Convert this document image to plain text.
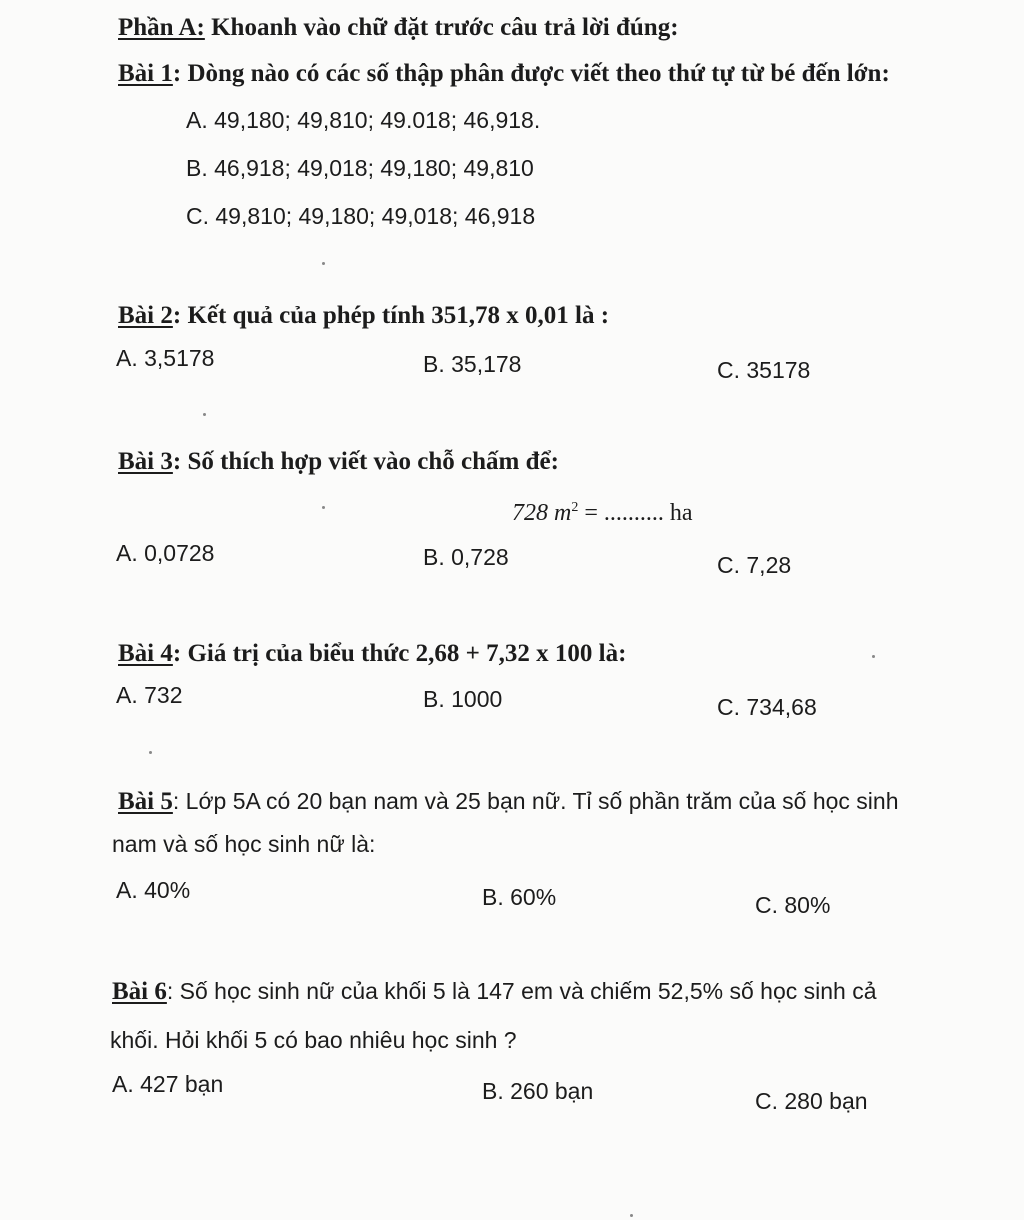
Phần A: Khoanh vào chữ đặt trước câu trả lời đúng:
Bài 1: Dòng nào có các số thập phân được viết theo thứ tự từ bé đến lớn:
A. 49,180; 49,810; 49.018; 46,918.
B. 46,918; 49,018; 49,180; 49,810
C. 49,810; 49,180; 49,018; 46,918
Bài 2: Kết quả của phép tính 351,78 x 0,01 là :
A. 3,5178	B. 35,178	C. 35178
Bài 3: Số thích hợp viết vào chỗ chấm để:
728 $m^2$ = .......... ha
A. 0,0728	B. 0,728	C. 7,28
Bài 4: Giá trị của biểu thức 2,68 + 7,32 x 100 là:
A. 732	B. 1000	C. 734,68
Bài 5: Lớp 5A có 20 bạn nam và 25 bạn nữ. Tỉ số phần trăm của số học sinh
nam và số học sinh nữ là:
A. 40%	B. 60%	C. 80%
Bài 6: Số học sinh nữ của khối 5 là 147 em và chiếm 52,5% số học sinh cả
khối. Hỏi khối 5 có bao nhiêu học sinh ?
A. 427 bạn	B. 260 bạn	C. 280 bạn
